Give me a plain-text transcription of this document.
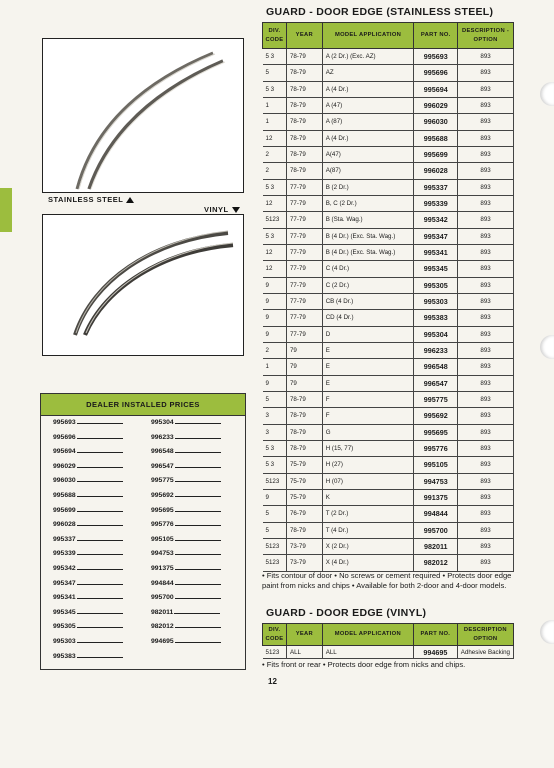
STAINLESS STEEL
VINYL
DEALER INSTALLED PRICES
995693
995696
995694
996029
996030
995688
995699
996028
995337
995339
995342
995347
995341
995345
995305
995303
995383
995304
996233
996548
996547
995775
995692
995695
995776
995105
994753
991375
994844
995700
982011
982012
994695
GUARD - DOOR EDGE (STAINLESS STEEL)
DIV. CODE	YEAR	MODEL APPLICATION	PART NO.	DESCRIPTION - OPTION
5 3	78-79	A (2 Dr.) (Exc. AZ)	995693	893
5	78-79	AZ	995696	893
5 3	78-79	A (4 Dr.)	995694	893
1	78-79	A (47)	996029	893
1	78-79	A (87)	996030	893
12	78-79	A (4 Dr.)	995688	893
2	78-79	A(47)	995699	893
2	78-79	A(87)	996028	893
5 3	77-79	B (2 Dr.)	995337	893
12	77-79	B, C (2 Dr.)	995339	893
5123	77-79	B (Sta. Wag.)	995342	893
5 3	77-79	B (4 Dr.) (Exc. Sta. Wag.)	995347	893
12	77-79	B (4 Dr.) (Exc. Sta. Wag.)	995341	893
12	77-79	C (4 Dr.)	995345	893
9	77-79	C (2 Dr.)	995305	893
9	77-79	CB (4 Dr.)	995303	893
9	77-79	CD (4 Dr.)	995383	893
9	77-79	D	995304	893
2	79	E	996233	893
1	79	E	996548	893
9	79	E	996547	893
5	78-79	F	995775	893
3	78-79	F	995692	893
3	78-79	G	995695	893
5 3	78-79	H (15, 77)	995776	893
5 3	75-79	H (27)	995105	893
5123	75-79	H (07)	994753	893
9	75-79	K	991375	893
5	76-79	T (2 Dr.)	994844	893
5	78-79	T (4 Dr.)	995700	893
5123	73-79	X (2 Dr.)	982011	893
5123	73-79	X (4 Dr.)	982012	893
• Fits contour of door • No screws or cement required • Protects door edge paint from nicks and chips • Available for both 2-door and 4-door models.
GUARD - DOOR EDGE (VINYL)
DIV. CODE	YEAR	MODEL APPLICATION	PART NO.	DESCRIPTION OPTION
5123	ALL	ALL	994695	Adhesive Backing
• Fits front or rear • Protects door edge from nicks and chips.
12
